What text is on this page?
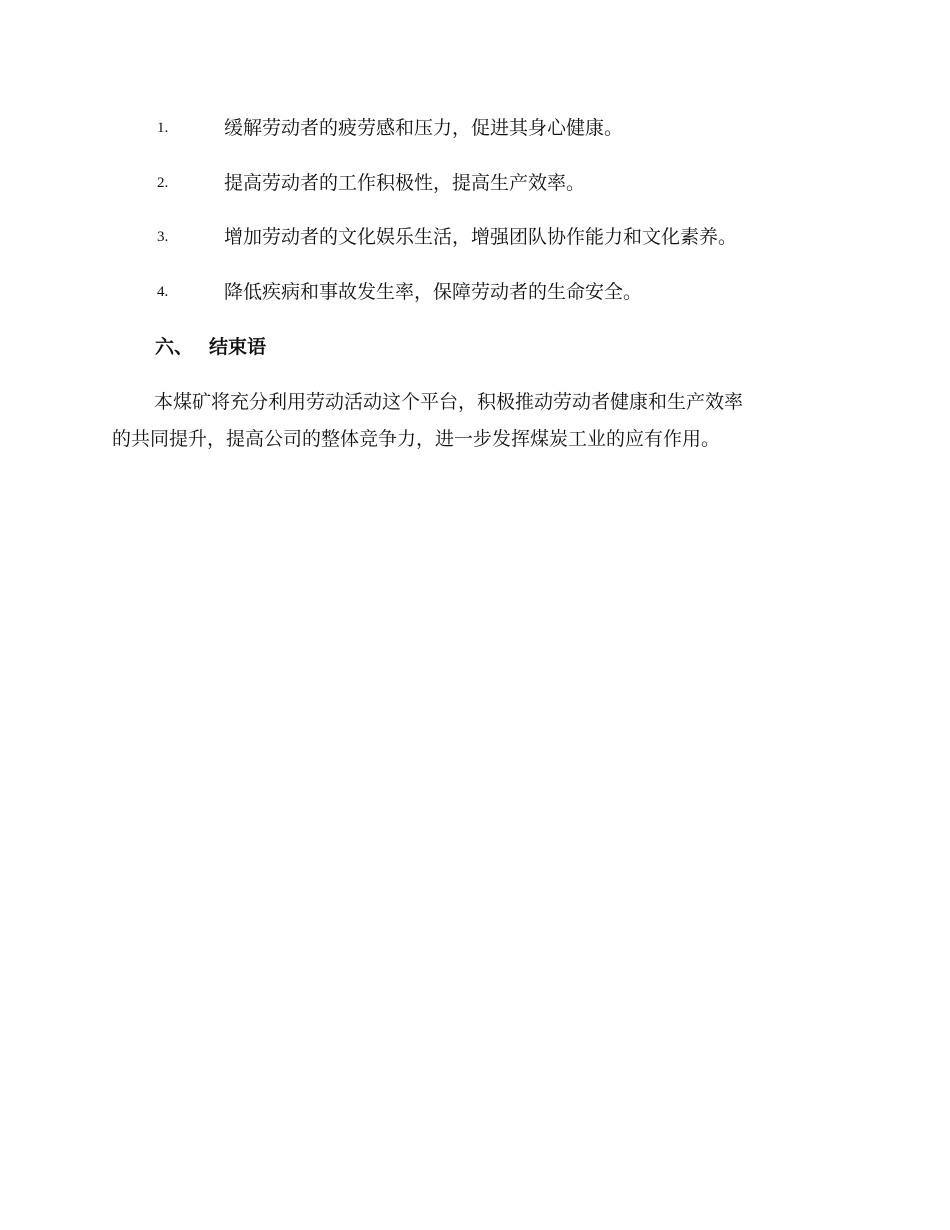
1.	缓解劳动者的疲劳感和压力，促进其身心健康。
2.	提高劳动者的工作积极性，提高生产效率。
3.	增加劳动者的文化娱乐生活，增强团队协作能力和文化素养。
4.	降低疾病和事故发生率，保障劳动者的生命安全。
六、 结束语
本煤矿将充分利用劳动活动这个平台，积极推动劳动者健康和生产效率
的共同提升，提高公司的整体竞争力，进一步发挥煤炭工业的应有作用。
